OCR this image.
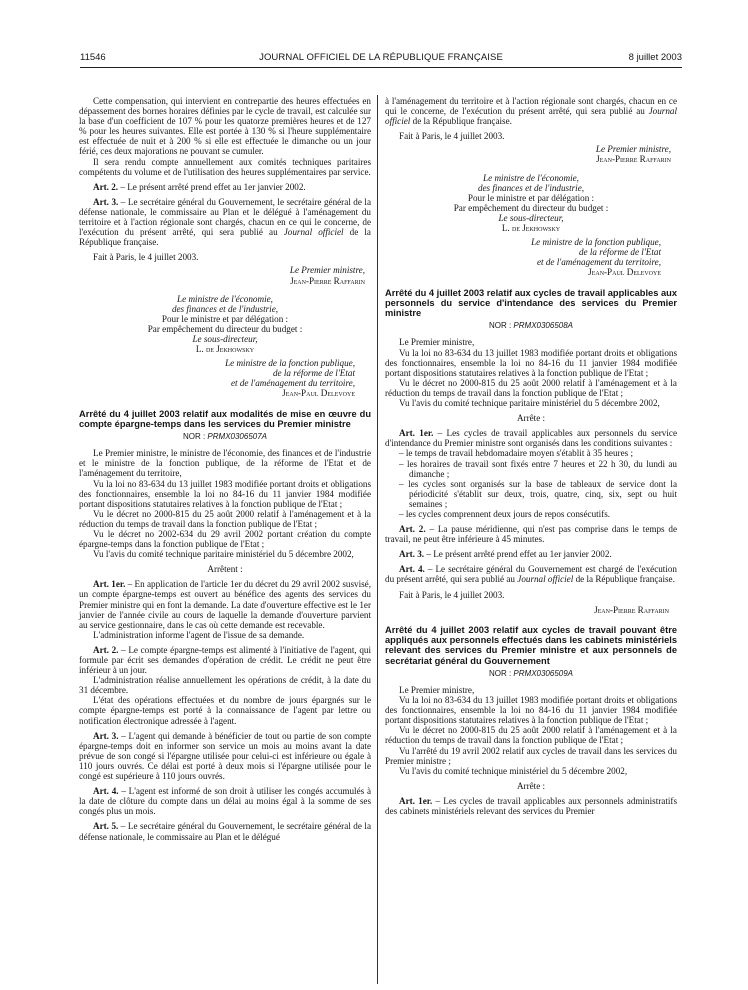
11546	JOURNAL OFFICIEL DE LA RÉPUBLIQUE FRANÇAISE	8 juillet 2003

Cette compensation, qui intervient en contrepartie des heures effectuées en dépassement des bornes horaires définies par le cycle de travail, est calculée sur la base d'un coefficient de 107 % pour les quatorze premières heures et de 127 % pour les heures suivantes. Elle est portée à 130 % si l'heure supplémentaire est effectuée de nuit et à 200 % si elle est effectuée le dimanche ou un jour férié, ces deux majorations ne pouvant se cumuler.

Il sera rendu compte annuellement aux comités techniques paritaires compétents du volume et de l'utilisation des heures supplémentaires par service.

Art. 2. – Le présent arrêté prend effet au 1er janvier 2002.

Art. 3. – Le secrétaire général du Gouvernement, le secrétaire général de la défense nationale, le commissaire au Plan et le délégué à l'aménagement du territoire et à l'action régionale sont chargés, chacun en ce qui le concerne, de l'exécution du présent arrêté, qui sera publié au Journal officiel de la République française.

Fait à Paris, le 4 juillet 2003.

Le Premier ministre,
Jean-Pierre Raffarin
Le ministre de l'économie,
des finances et de l'industrie,
Pour le ministre et par délégation :
Par empêchement du directeur du budget :
Le sous-directeur,
L. de Jekhowsky
Le ministre de la fonction publique,
de la réforme de l'Etat
et de l'aménagement du territoire,
Jean-Paul Delevoye

Arrêté du 4 juillet 2003 relatif aux modalités de mise en œuvre du compte épargne-temps dans les services du Premier ministre

NOR : PRMX0306507A

Le Premier ministre, le ministre de l'économie, des finances et de l'industrie et le ministre de la fonction publique, de la réforme de l'Etat et de l'aménagement du territoire,

Vu la loi no 83-634 du 13 juillet 1983 modifiée portant droits et obligations des fonctionnaires, ensemble la loi no 84-16 du 11 janvier 1984 modifiée portant dispositions statutaires relatives à la fonction publique de l'Etat ;

Vu le décret no 2000-815 du 25 août 2000 relatif à l'aménagement et à la réduction du temps de travail dans la fonction publique de l'Etat ;

Vu le décret no 2002-634 du 29 avril 2002 portant création du compte épargne-temps dans la fonction publique de l'Etat ;

Vu l'avis du comité technique paritaire ministériel du 5 décembre 2002,

Arrêtent :

Art. 1er. – En application de l'article 1er du décret du 29 avril 2002 susvisé, un compte épargne-temps est ouvert au bénéfice des agents des services du Premier ministre qui en font la demande. La date d'ouverture effective est le 1er janvier de l'année civile au cours de laquelle la demande d'ouverture parvient au service gestionnaire, dans le cas où cette demande est recevable.

L'administration informe l'agent de l'issue de sa demande.

Art. 2. – Le compte épargne-temps est alimenté à l'initiative de l'agent, qui formule par écrit ses demandes d'opération de crédit. Le crédit ne peut être inférieur à un jour.

L'administration réalise annuellement les opérations de crédit, à la date du 31 décembre.

L'état des opérations effectuées et du nombre de jours épargnés sur le compte épargne-temps est porté à la connaissance de l'agent par lettre ou notification électronique adressée à l'agent.

Art. 3. – L'agent qui demande à bénéficier de tout ou partie de son compte épargne-temps doit en informer son service un mois au moins avant la date prévue de son congé si l'épargne utilisée pour celui-ci est inférieure ou égale à 110 jours ouvrés. Ce délai est porté à deux mois si l'épargne utilisée pour le congé est supérieure à 110 jours ouvrés.

Art. 4. – L'agent est informé de son droit à utiliser les congés accumulés à la date de clôture du compte dans un délai au moins égal à la somme de ses congés plus un mois.

Art. 5. – Le secrétaire général du Gouvernement, le secrétaire général de la défense nationale, le commissaire au Plan et le délégué

à l'aménagement du territoire et à l'action régionale sont chargés, chacun en ce qui le concerne, de l'exécution du présent arrêté, qui sera publié au Journal officiel de la République française.

Fait à Paris, le 4 juillet 2003.

Le Premier ministre,
Jean-Pierre Raffarin
Le ministre de l'économie,
des finances et de l'industrie,
Pour le ministre et par délégation :
Par empêchement du directeur du budget :
Le sous-directeur,
L. de Jekhowsky
Le ministre de la fonction publique,
de la réforme de l'Etat
et de l'aménagement du territoire,
Jean-Paul Delevoye

Arrêté du 4 juillet 2003 relatif aux cycles de travail applicables aux personnels du service d'intendance des services du Premier ministre

NOR : PRMX0306508A

Le Premier ministre,

Vu la loi no 83-634 du 13 juillet 1983 modifiée portant droits et obligations des fonctionnaires, ensemble la loi no 84-16 du 11 janvier 1984 modifiée portant dispositions statutaires relatives à la fonction publique de l'Etat ;

Vu le décret no 2000-815 du 25 août 2000 relatif à l'aménagement et à la réduction du temps de travail dans la fonction publique de l'Etat ;

Vu l'avis du comité technique paritaire ministériel du 5 décembre 2002,

Arrête :

Art. 1er. – Les cycles de travail applicables aux personnels du service d'intendance du Premier ministre sont organisés dans les conditions suivantes :

– le temps de travail hebdomadaire moyen s'établit à 35 heures ;

– les horaires de travail sont fixés entre 7 heures et 22 h 30, du lundi au dimanche ;

– les cycles sont organisés sur la base de tableaux de service dont la périodicité s'établit sur deux, trois, quatre, cinq, six, sept ou huit semaines ;

– les cycles comprennent deux jours de repos consécutifs.

Art. 2. – La pause méridienne, qui n'est pas comprise dans le temps de travail, ne peut être inférieure à 45 minutes.

Art. 3. – Le présent arrêté prend effet au 1er janvier 2002.

Art. 4. – Le secrétaire général du Gouvernement est chargé de l'exécution du présent arrêté, qui sera publié au Journal officiel de la République française.

Fait à Paris, le 4 juillet 2003.

Jean-Pierre Raffarin

Arrêté du 4 juillet 2003 relatif aux cycles de travail pouvant être appliqués aux personnels effectués dans les cabinets ministériels relevant des services du Premier ministre et aux personnels de secrétariat général du Gouvernement

NOR : PRMX0306509A

Le Premier ministre,

Vu la loi no 83-634 du 13 juillet 1983 modifiée portant droits et obligations des fonctionnaires, ensemble la loi no 84-16 du 11 janvier 1984 modifiée portant dispositions statutaires relatives à la fonction publique de l'Etat ;

Vu le décret no 2000-815 du 25 août 2000 relatif à l'aménagement et à la réduction du temps de travail dans la fonction publique de l'Etat ;

Vu l'arrêté du 19 avril 2002 relatif aux cycles de travail dans les services du Premier ministre ;

Vu l'avis du comité technique ministériel du 5 décembre 2002,

Arrête :

Art. 1er. – Les cycles de travail applicables aux personnels administratifs des cabinets ministériels relevant des services du Premier
